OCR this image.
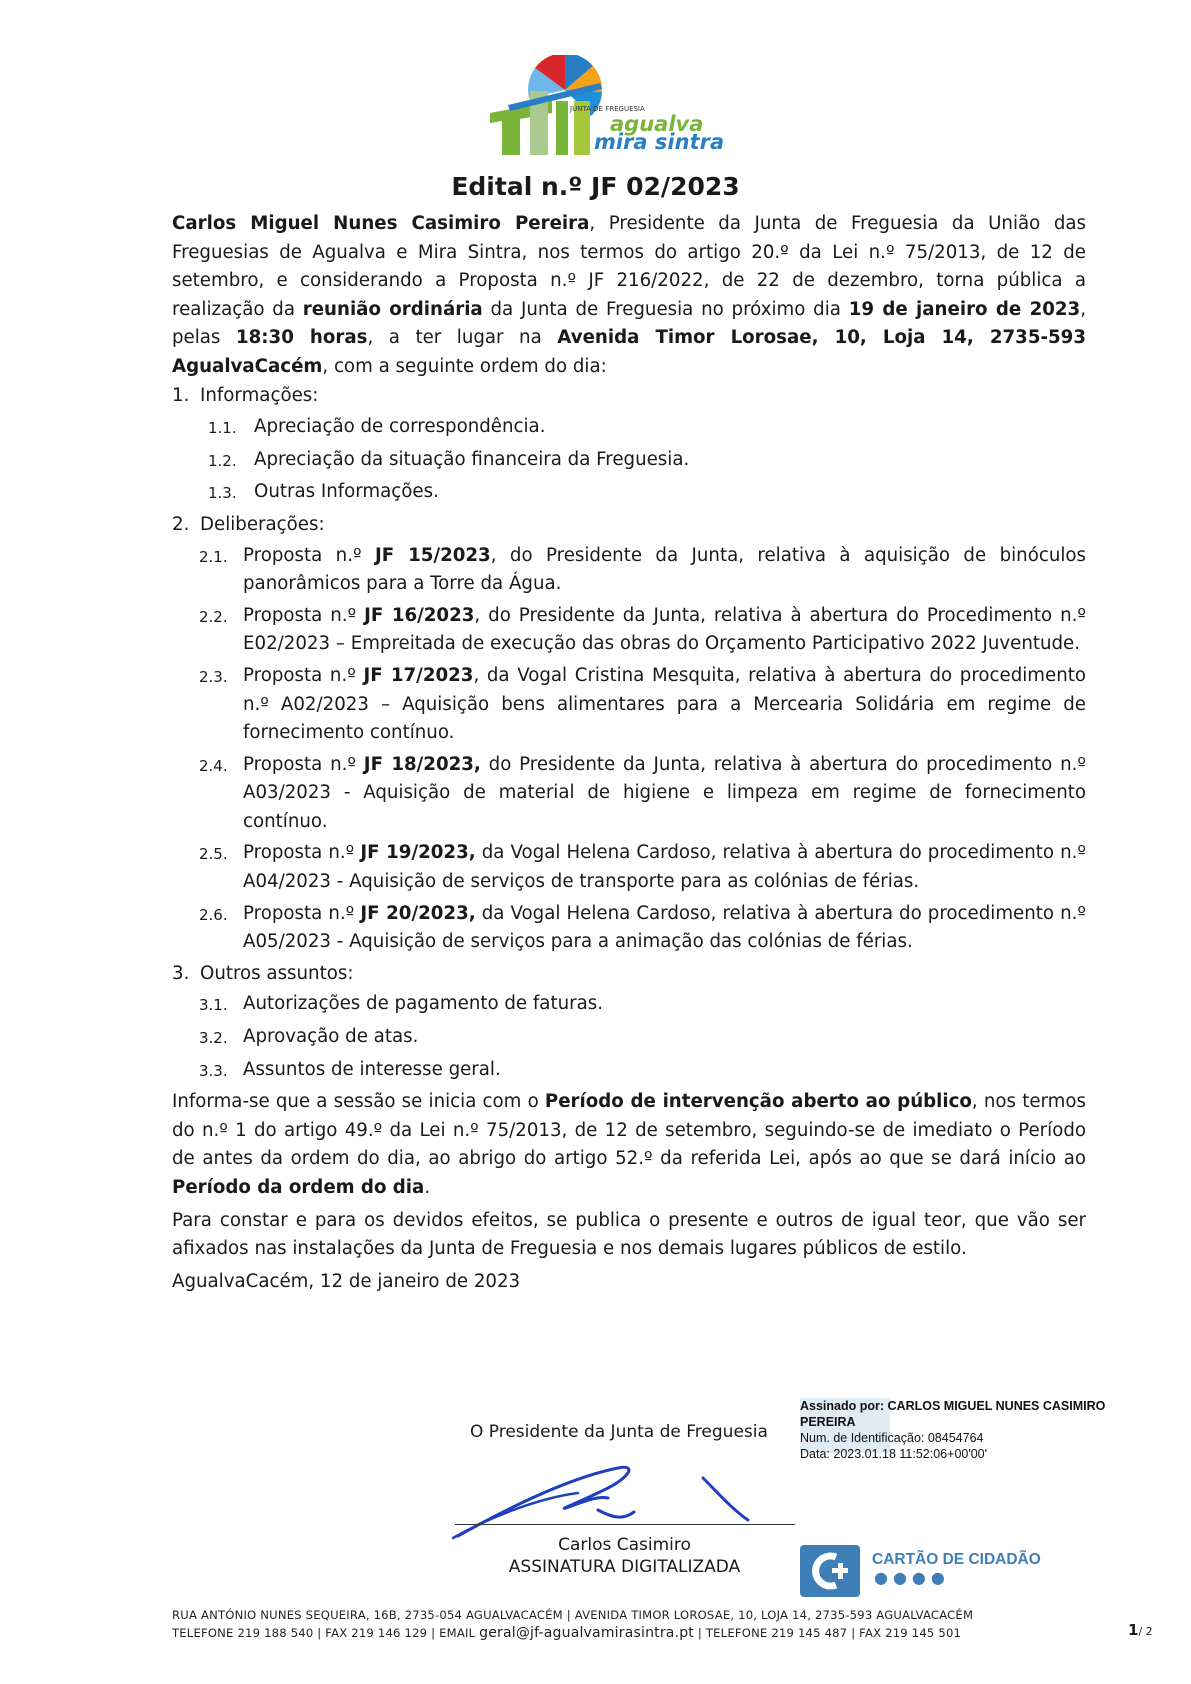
JUNTA DE FREGUESIA
agualva
mira sintra
Edital n.º JF 02/2023

Carlos Miguel Nunes Casimiro Pereira, Presidente da Junta de Freguesia da União das Freguesias de Agualva e Mira Sintra, nos termos do artigo 20.º da Lei n.º 75/2013, de 12 de setembro, e considerando a Proposta n.º JF 216/2022, de 22 de dezembro, torna pública a realização da reunião ordinária da Junta de Freguesia no próximo dia 19 de janeiro de 2023, pelas 18:30 horas, a ter lugar na Avenida Timor Lorosae, 10, Loja 14, 2735-593 AgualvaCacém, com a seguinte ordem do dia:

1. Informações:
1.1. Apreciação de correspondência.
1.2. Apreciação da situação financeira da Freguesia.
1.3. Outras Informações.
2. Deliberações:
2.1. Proposta n.º JF 15/2023, do Presidente da Junta, relativa à aquisição de binóculos panorâmicos para a Torre da Água.
2.2. Proposta n.º JF 16/2023, do Presidente da Junta, relativa à abertura do Procedimento n.º E02/2023 – Empreitada de execução das obras do Orçamento Participativo 2022 Juventude.
2.3. Proposta n.º JF 17/2023, da Vogal Cristina Mesquita, relativa à abertura do procedimento n.º A02/2023 – Aquisição bens alimentares para a Mercearia Solidária em regime de fornecimento contínuo.
2.4. Proposta n.º JF 18/2023, do Presidente da Junta, relativa à abertura do procedimento n.º A03/2023 - Aquisição de material de higiene e limpeza em regime de fornecimento contínuo.
2.5. Proposta n.º JF 19/2023, da Vogal Helena Cardoso, relativa à abertura do procedimento n.º A04/2023 - Aquisição de serviços de transporte para as colónias de férias.
2.6. Proposta n.º JF 20/2023, da Vogal Helena Cardoso, relativa à abertura do procedimento n.º A05/2023 - Aquisição de serviços para a animação das colónias de férias.
3. Outros assuntos:
3.1. Autorizações de pagamento de faturas.
3.2. Aprovação de atas.
3.3. Assuntos de interesse geral.

Informa-se que a sessão se inicia com o Período de intervenção aberto ao público, nos termos do n.º 1 do artigo 49.º da Lei n.º 75/2013, de 12 de setembro, seguindo-se de imediato o Período de antes da ordem do dia, ao abrigo do artigo 52.º da referida Lei, após ao que se dará início ao Período da ordem do dia.

Para constar e para os devidos efeitos, se publica o presente e outros de igual teor, que vão ser afixados nas instalações da Junta de Freguesia e nos demais lugares públicos de estilo.

AgualvaCacém, 12 de janeiro de 2023

O Presidente da Junta de Freguesia
Carlos Casimiro
ASSINATURA DIGITALIZADA
Assinado por: CARLOS MIGUEL NUNES CASIMIRO PEREIRA
Num. de Identificação: 08454764
Data: 2023.01.18 11:52:06+00'00'
CARTÃO DE CIDADÃO
●●●●
RUA ANTÓNIO NUNES SEQUEIRA, 16B, 2735-054 AGUALVACACÉM | AVENIDA TIMOR LOROSAE, 10, LOJA 14, 2735-593 AGUALVACACÉM
TELEFONE 219 188 540 | FAX 219 146 129 | EMAIL geral@jf-agualvamirasintra.pt | TELEFONE 219 145 487 | FAX 219 145 501	1/ 2
